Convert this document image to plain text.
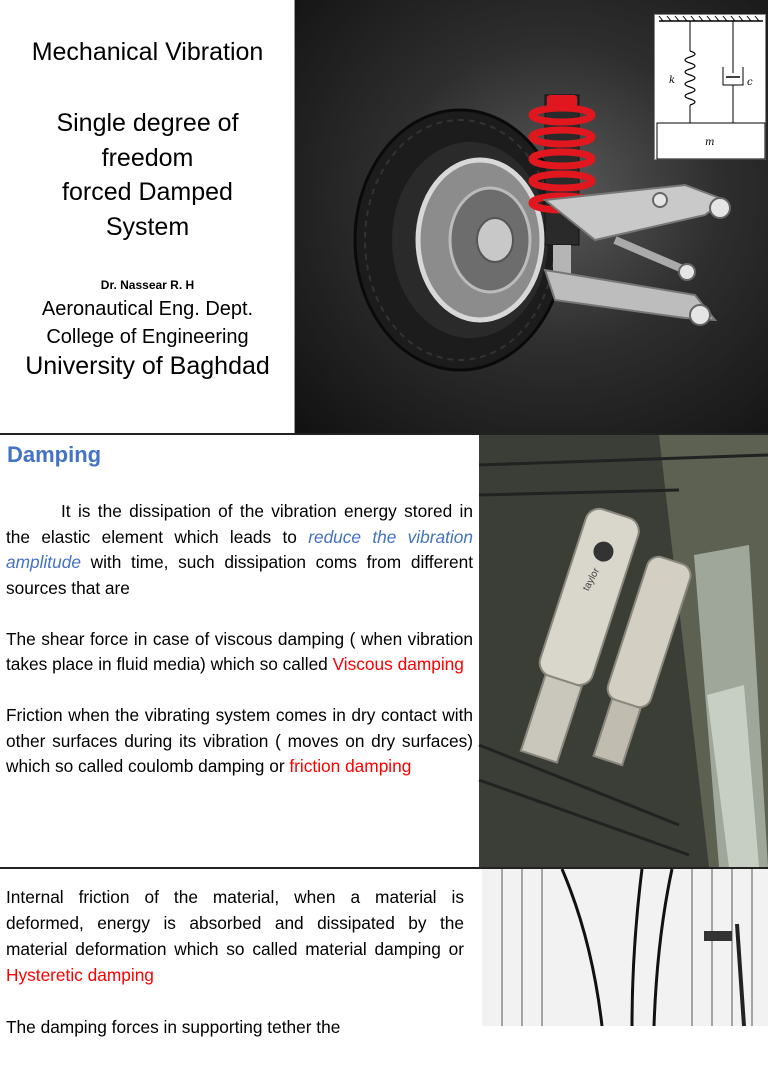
Mechanical Vibration
Single degree of
freedom
forced Damped
System
Dr. Nassear R. H
Aeronautical Eng. Dept.
College of Engineering
University of Baghdad
k	c
m
Damping

It is the dissipation of the vibration energy stored in the elastic element which leads to reduce the vibration amplitude with time, such dissipation coms from different sources that are

The shear force in case of viscous damping ( when vibration takes place in fluid media) which so called Viscous damping

Friction when the vibrating system comes in dry contact with other surfaces during its vibration ( moves on dry surfaces) which so called coulomb damping or friction damping

taylor

Internal friction of the material, when a material is deformed, energy is absorbed and dissipated by the material deformation which so called material damping or Hysteretic damping

The damping forces in supporting tether the
